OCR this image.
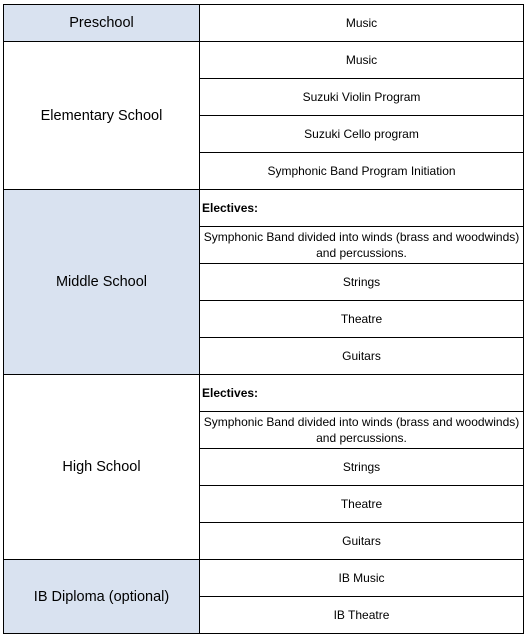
Preschool	Music
Elementary School	Music
	Suzuki Violin Program
	Suzuki Cello program
	Symphonic Band Program Initiation
Middle School	Electives:
	Symphonic Band divided into winds (brass and woodwinds) and percussions.
	Strings
	Theatre
	Guitars
High School	Electives:
	Symphonic Band divided into winds (brass and woodwinds) and percussions.
	Strings
	Theatre
	Guitars
IB Diploma (optional)	IB Music
	IB Theatre
